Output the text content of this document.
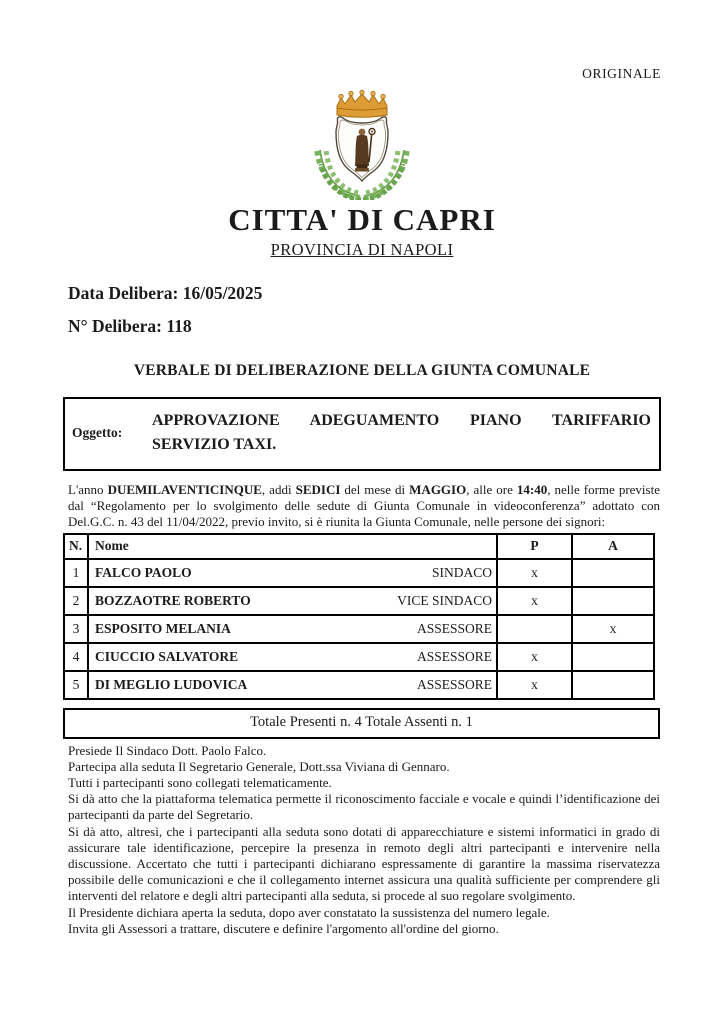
ORIGINALE
CITTA' DI CAPRI
PROVINCIA DI NAPOLI

Data Delibera: 16/05/2025

N° Delibera: 118

VERBALE DI DELIBERAZIONE DELLA GIUNTA COMUNALE
Oggetto:
APPROVAZIONE ADEGUAMENTO PIANO TARIFFARIO SERVIZIO TAXI.

L'anno DUEMILAVENTICINQUE, addì SEDICI del mese di MAGGIO, alle ore 14:40, nelle forme previste dal “Regolamento per lo svolgimento delle sedute di Giunta Comunale in videoconferenza” adottato con Del.G.C. n. 43 del 11/04/2022, previo invito, si è riunita la Giunta Comunale, nelle persone dei signori:

N.	Nome	P	A
1	FALCO PAOLO SINDACO	x	
2	BOZZAOTRE ROBERTO VICE SINDACO	x	
3	ESPOSITO MELANIA ASSESSORE		x
4	CIUCCIO SALVATORE ASSESSORE	x	
5	DI MEGLIO LUDOVICA ASSESSORE	x	
Totale Presenti n. 4 Totale Assenti n. 1

Presiede Il Sindaco Dott. Paolo Falco.

Partecipa alla seduta Il Segretario Generale, Dott.ssa Viviana di Gennaro.

Tutti i partecipanti sono collegati telematicamente.

Si dà atto che la piattaforma telematica permette il riconoscimento facciale e vocale e quindi l’identificazione dei partecipanti da parte del Segretario.

Si dà atto, altresì, che i partecipanti alla seduta sono dotati di apparecchiature e sistemi informatici in grado di assicurare tale identificazione, percepire la presenza in remoto degli altri partecipanti e intervenire nella discussione. Accertato che tutti i partecipanti dichiarano espressamente di garantire la massima riservatezza possibile delle comunicazioni e che il collegamento internet assicura una qualità sufficiente per comprendere gli interventi del relatore e degli altri partecipanti alla seduta, si procede al suo regolare svolgimento.

Il Presidente dichiara aperta la seduta, dopo aver constatato la sussistenza del numero legale.

Invita gli Assessori a trattare, discutere e definire l'argomento all'ordine del giorno.
